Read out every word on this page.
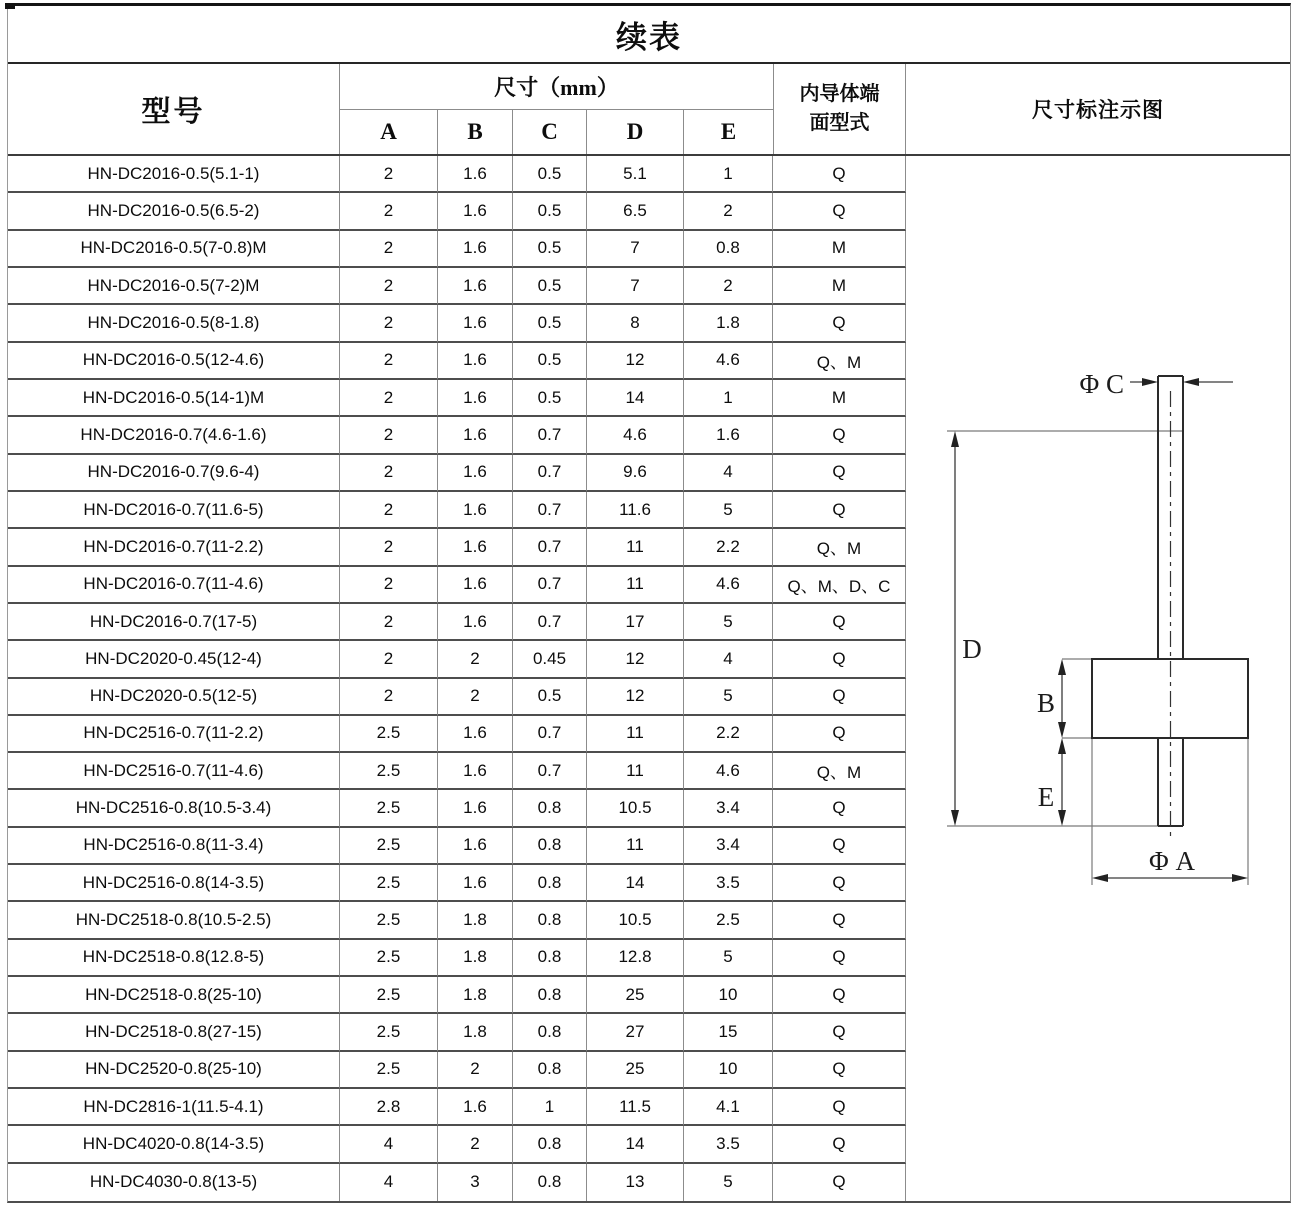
续表
型号
尺寸（mm）
A	B	C	D	E
内导体端
面型式
尺寸标注示图
HN-DC2016-0.5(5.1-1)	2	1.6	0.5	5.1	1	Q
HN-DC2016-0.5(6.5-2)	2	1.6	0.5	6.5	2	Q
HN-DC2016-0.5(7-0.8)M	2	1.6	0.5	7	0.8	M
HN-DC2016-0.5(7-2)M	2	1.6	0.5	7	2	M
HN-DC2016-0.5(8-1.8)	2	1.6	0.5	8	1.8	Q
HN-DC2016-0.5(12-4.6)	2	1.6	0.5	12	4.6	Q、M
HN-DC2016-0.5(14-1)M	2	1.6	0.5	14	1	M
HN-DC2016-0.7(4.6-1.6)	2	1.6	0.7	4.6	1.6	Q
HN-DC2016-0.7(9.6-4)	2	1.6	0.7	9.6	4	Q
HN-DC2016-0.7(11.6-5)	2	1.6	0.7	11.6	5	Q
HN-DC2016-0.7(11-2.2)	2	1.6	0.7	11	2.2	Q、M
HN-DC2016-0.7(11-4.6)	2	1.6	0.7	11	4.6	Q、M、D、C
HN-DC2016-0.7(17-5)	2	1.6	0.7	17	5	Q
HN-DC2020-0.45(12-4)	2	2	0.45	12	4	Q
HN-DC2020-0.5(12-5)	2	2	0.5	12	5	Q
HN-DC2516-0.7(11-2.2)	2.5	1.6	0.7	11	2.2	Q
HN-DC2516-0.7(11-4.6)	2.5	1.6	0.7	11	4.6	Q、M
HN-DC2516-0.8(10.5-3.4)	2.5	1.6	0.8	10.5	3.4	Q
HN-DC2516-0.8(11-3.4)	2.5	1.6	0.8	11	3.4	Q
HN-DC2516-0.8(14-3.5)	2.5	1.6	0.8	14	3.5	Q
HN-DC2518-0.8(10.5-2.5)	2.5	1.8	0.8	10.5	2.5	Q
HN-DC2518-0.8(12.8-5)	2.5	1.8	0.8	12.8	5	Q
HN-DC2518-0.8(25-10)	2.5	1.8	0.8	25	10	Q
HN-DC2518-0.8(27-15)	2.5	1.8	0.8	27	15	Q
HN-DC2520-0.8(25-10)	2.5	2	0.8	25	10	Q
HN-DC2816-1(11.5-4.1)	2.8	1.6	1	11.5	4.1	Q
HN-DC4020-0.8(14-3.5)	4	2	0.8	14	3.5	Q
HN-DC4030-0.8(13-5)	4	3	0.8	13	5	Q
D
B
E
Φ C
Φ A
